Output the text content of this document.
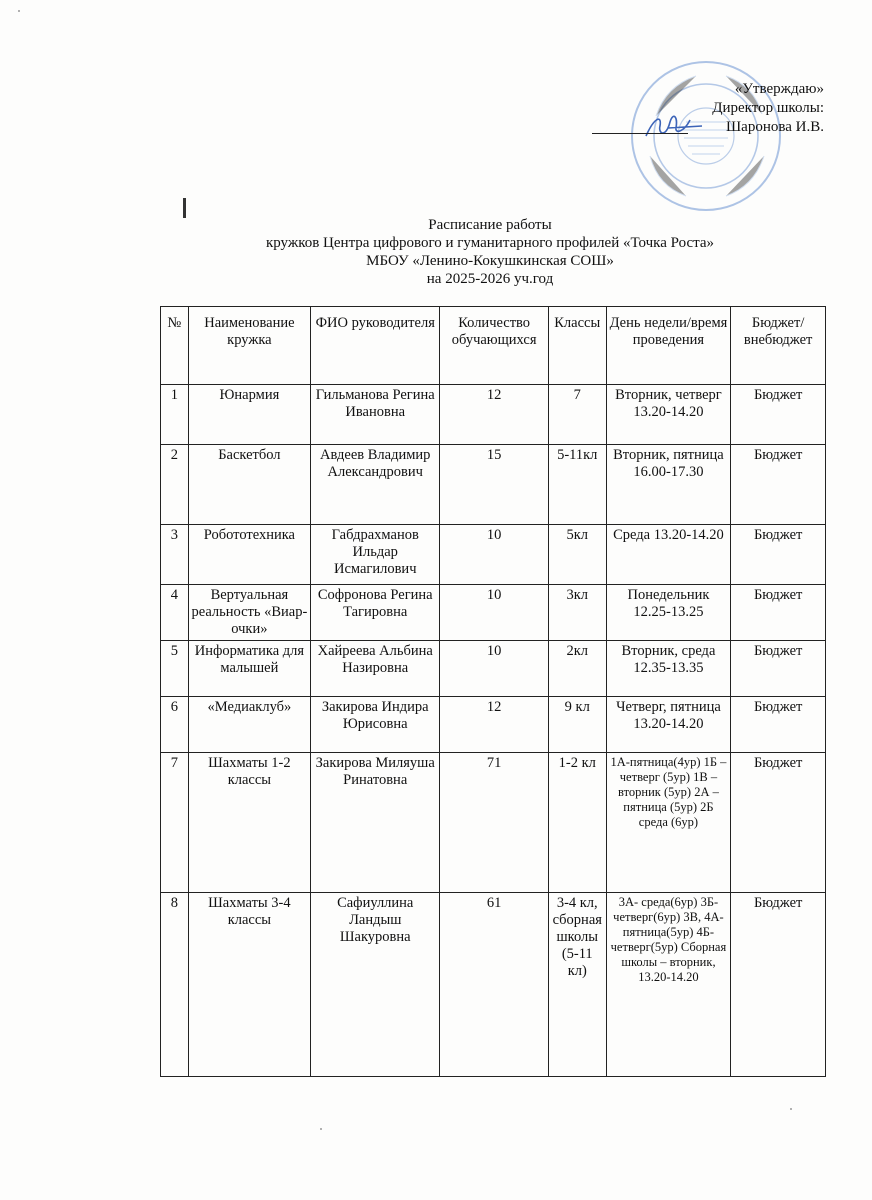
«Утверждаю»
Директор школы:
Шаронова И.В.
Расписание работы
кружков Центра цифрового и гуманитарного профилей «Точка Роста»
МБОУ «Ленино-Кокушкинская СОШ»
на 2025-2026 уч.год
№	Наименование кружка	ФИО руководителя	Количество обучающихся	Классы	День недели/время проведения	Бюджет/ внебюджет
1	Юнармия	Гильманова Регина Ивановна	12	7	Вторник, четверг 13.20-14.20	Бюджет
2	Баскетбол	Авдеев Владимир Александрович	15	5-11кл	Вторник, пятница 16.00-17.30	Бюджет
3	Робототехника	Габдрахманов Ильдар Исмагилович	10	5кл	Среда 13.20-14.20	Бюджет
4	Вертуальная реальность «Виар-очки»	Софронова Регина Тагировна	10	3кл	Понедельник 12.25-13.25	Бюджет
5	Информатика для малышей	Хайреева Альбина Назировна	10	2кл	Вторник, среда 12.35-13.35	Бюджет
6	«Медиаклуб»	Закирова Индира Юрисовна	12	9 кл	Четверг, пятница 13.20-14.20	Бюджет
7	Шахматы 1-2 классы	Закирова Миляуша Ринатовна	71	1-2 кл	1А-пятница(4ур) 1Б – четверг (5ур) 1В – вторник (5ур) 2А –пятница (5ур) 2Б среда (6ур)	Бюджет
8	Шахматы 3-4 классы	Сафиуллина Ландыш Шакуровна	61	3-4 кл, сборная школы (5-11 кл)	3А- среда(6ур) 3Б- четверг(6ур) 3В, 4А- пятница(5ур) 4Б- четверг(5ур) Сборная школы – вторник, 13.20-14.20	Бюджет
